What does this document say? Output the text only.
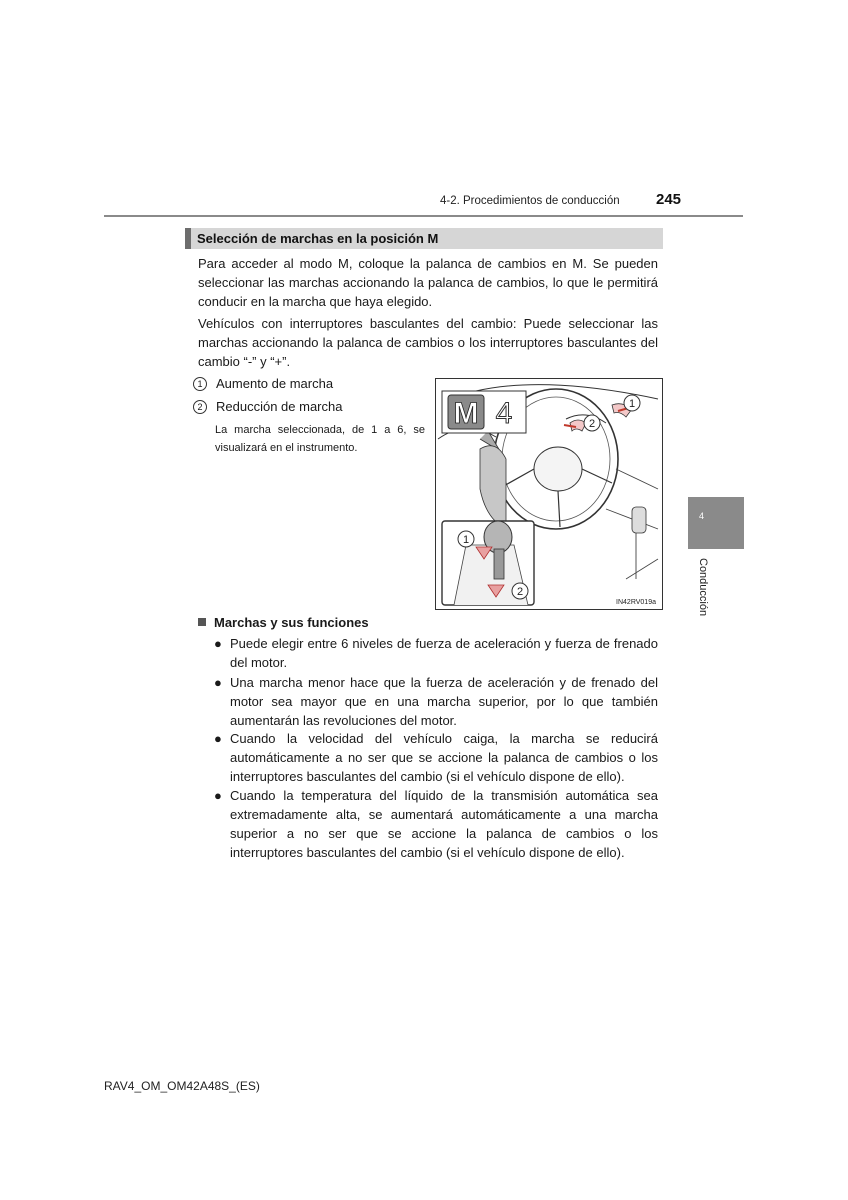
4-2. Procedimientos de conducción 245
Selección de marchas en la posición M
Para acceder al modo M, coloque la palanca de cambios en M. Se pueden seleccionar las marchas accionando la palanca de cambios, lo que le permitirá conducir en la marcha que haya elegido.
Vehículos con interruptores basculantes del cambio: Puede seleccionar las marchas accionando la palanca de cambios o los interruptores basculantes del cambio “-” y “+”.
1 Aumento de marcha
2 Reducción de marcha
La marcha seleccionada, de 1 a 6, se visualizará en el instrumento.
M 4	1
2
1
2
IN42RV019a
Marchas y sus funciones
● Puede elegir entre 6 niveles de fuerza de aceleración y fuerza de frenado del motor.
● Una marcha menor hace que la fuerza de aceleración y de frenado del motor sea mayor que en una marcha superior, por lo que también aumentarán las revoluciones del motor.
● Cuando la velocidad del vehículo caiga, la marcha se reducirá automáticamente a no ser que se accione la palanca de cambios o los interruptores basculantes del cambio (si el vehículo dispone de ello).
● Cuando la temperatura del líquido de la transmisión automática sea extremadamente alta, se aumentará automáticamente a una marcha superior a no ser que se accione la palanca de cambios o los interruptores basculantes del cambio (si el vehículo dispone de ello).
4
Conducción
RAV4_OM_OM42A48S_(ES)
